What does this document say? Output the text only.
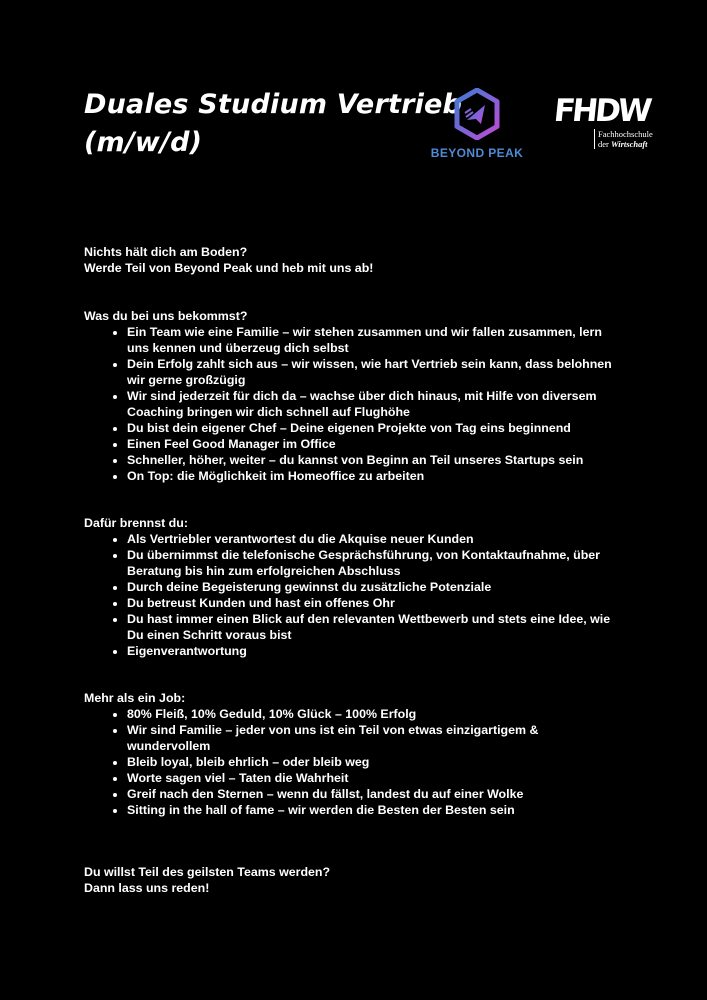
Duales Studium Vertrieb
(m/w/d)	BEYOND PEAK
FHDW
Fachhochschule
der Wirtschaft

Nichts hält dich am Boden?

Werde Teil von Beyond Peak und heb mit uns ab!

Was du bei uns bekommst?

• Ein Team wie eine Familie – wir stehen zusammen und wir fallen zusammen, lern uns kennen und überzeug dich selbst
• Dein Erfolg zahlt sich aus – wir wissen, wie hart Vertrieb sein kann, dass belohnen wir gerne großzügig
• Wir sind jederzeit für dich da – wachse über dich hinaus, mit Hilfe von diversem Coaching bringen wir dich schnell auf Flughöhe
• Du bist dein eigener Chef – Deine eigenen Projekte von Tag eins beginnend
• Einen Feel Good Manager im Office
• Schneller, höher, weiter – du kannst von Beginn an Teil unseres Startups sein
• On Top: die Möglichkeit im Homeoffice zu arbeiten

Dafür brennst du:

• Als Vertriebler verantwortest du die Akquise neuer Kunden
• Du übernimmst die telefonische Gesprächsführung, von Kontaktaufnahme, über Beratung bis hin zum erfolgreichen Abschluss
• Durch deine Begeisterung gewinnst du zusätzliche Potenziale
• Du betreust Kunden und hast ein offenes Ohr
• Du hast immer einen Blick auf den relevanten Wettbewerb und stets eine Idee, wie Du einen Schritt voraus bist
• Eigenverantwortung

Mehr als ein Job:

• 80% Fleiß, 10% Geduld, 10% Glück – 100% Erfolg
• Wir sind Familie – jeder von uns ist ein Teil von etwas einzigartigem & wundervollem
• Bleib loyal, bleib ehrlich – oder bleib weg
• Worte sagen viel – Taten die Wahrheit
• Greif nach den Sternen – wenn du fällst, landest du auf einer Wolke
• Sitting in the hall of fame – wir werden die Besten der Besten sein

Du willst Teil des geilsten Teams werden?

Dann lass uns reden!
